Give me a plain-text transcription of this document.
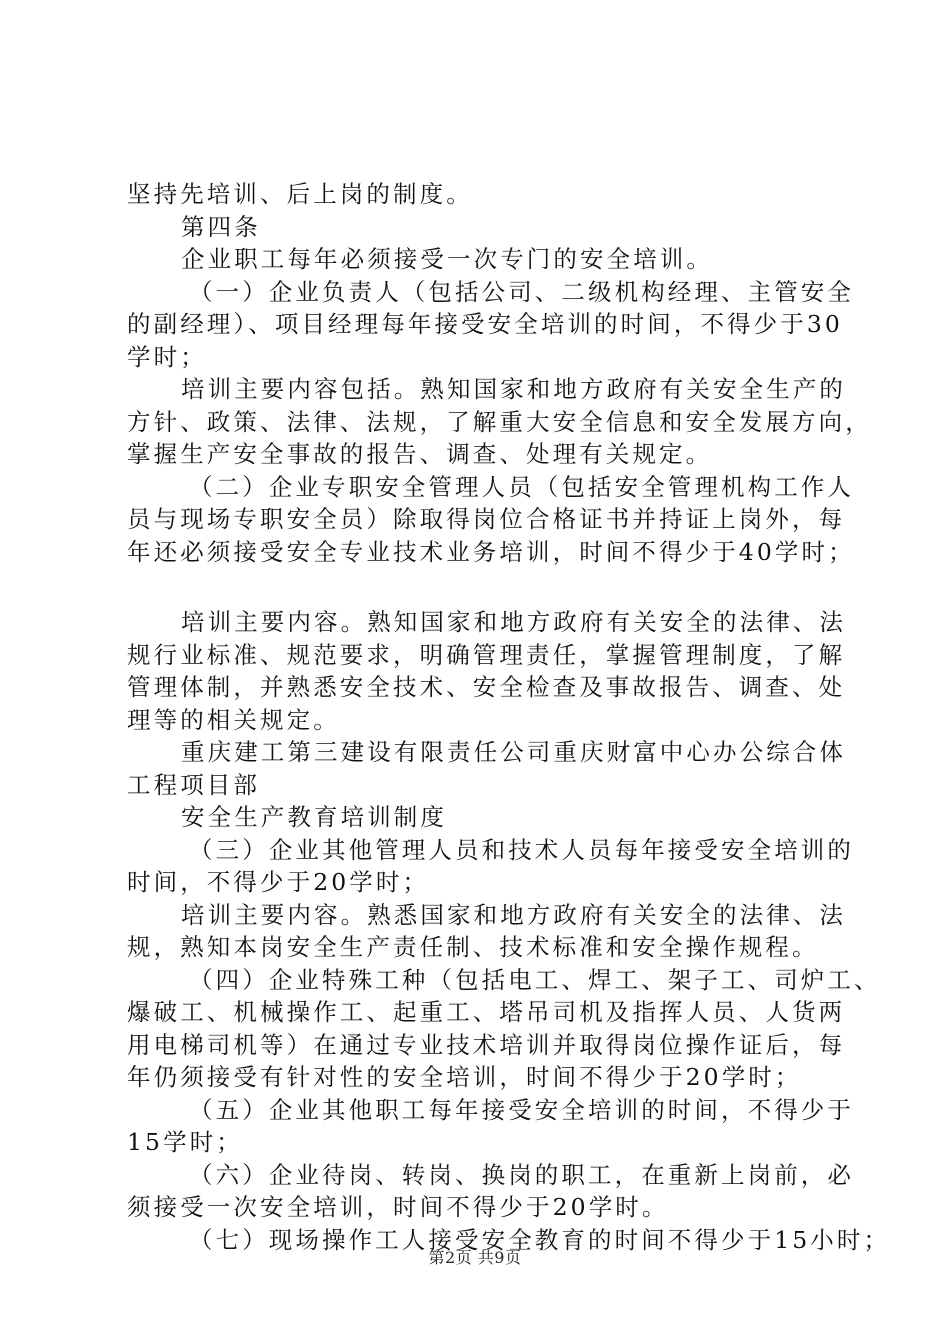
坚持先培训、后上岗的制度。
第四条
企业职工每年必须接受一次专门的安全培训。
（一）企业负责人（包括公司、二级机构经理、主管安全
的副经理）、项目经理每年接受安全培训的时间，不得少于30
学时；
培训主要内容包括。熟知国家和地方政府有关安全生产的
方针、政策、法律、法规，了解重大安全信息和安全发展方向，
掌握生产安全事故的报告、调查、处理有关规定。
（二）企业专职安全管理人员（包括安全管理机构工作人
员与现场专职安全员）除取得岗位合格证书并持证上岗外，每
年还必须接受安全专业技术业务培训，时间不得少于40学时；
培训主要内容。熟知国家和地方政府有关安全的法律、法
规行业标准、规范要求，明确管理责任，掌握管理制度，了解
管理体制，并熟悉安全技术、安全检查及事故报告、调查、处
理等的相关规定。
重庆建工第三建设有限责任公司重庆财富中心办公综合体
工程项目部
安全生产教育培训制度
（三）企业其他管理人员和技术人员每年接受安全培训的
时间，不得少于20学时；
培训主要内容。熟悉国家和地方政府有关安全的法律、法
规，熟知本岗安全生产责任制、技术标准和安全操作规程。
（四）企业特殊工种（包括电工、焊工、架子工、司炉工、
爆破工、机械操作工、起重工、塔吊司机及指挥人员、人货两
用电梯司机等）在通过专业技术培训并取得岗位操作证后，每
年仍须接受有针对性的安全培训，时间不得少于20学时；
（五）企业其他职工每年接受安全培训的时间，不得少于
15学时；
（六）企业待岗、转岗、换岗的职工，在重新上岗前，必
须接受一次安全培训，时间不得少于20学时。
（七）现场操作工人接受安全教育的时间不得少于15小时；
第2页 共9页
